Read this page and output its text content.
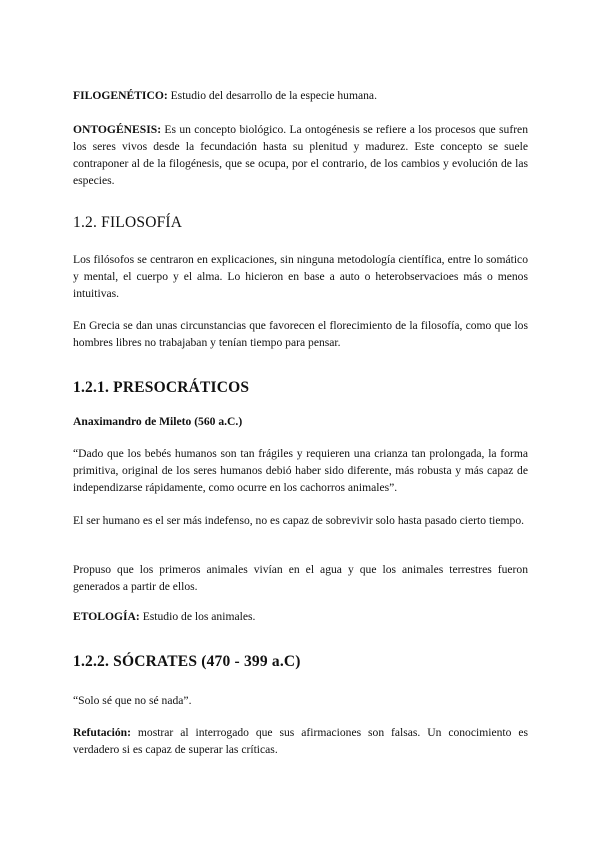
FILOGENÉTICO: Estudio del desarrollo de la especie humana.

ONTOGÉNESIS: Es un concepto biológico. La ontogénesis se refiere a los procesos que sufren los seres vivos desde la fecundación hasta su plenitud y madurez. Este concepto se suele contraponer al de la filogénesis, que se ocupa, por el contrario, de los cambios y evolución de las especies.

1.2. FILOSOFÍA

Los filósofos se centraron en explicaciones, sin ninguna metodología científica, entre lo somático y mental, el cuerpo y el alma. Lo hicieron en base a auto o heterobservacioes más o menos intuitivas.

En Grecia se dan unas circunstancias que favorecen el florecimiento de la filosofía, como que los hombres libres no trabajaban y tenían tiempo para pensar.

1.2.1. PRESOCRÁTICOS
Anaximandro de Mileto (560 a.C.)

“Dado que los bebés humanos son tan frágiles y requieren una crianza tan prolongada, la forma primitiva, original de los seres humanos debió haber sido diferente, más robusta y más capaz de independizarse rápidamente, como ocurre en los cachorros animales”.

El ser humano es el ser más indefenso, no es capaz de sobrevivir solo hasta pasado cierto tiempo.

Propuso que los primeros animales vivían en el agua y que los animales terrestres fueron generados a partir de ellos.

ETOLOGÍA: Estudio de los animales.

1.2.2. SÓCRATES (470 - 399 a.C)

“Solo sé que no sé nada”.

Refutación: mostrar al interrogado que sus afirmaciones son falsas. Un conocimiento es verdadero si es capaz de superar las críticas.
